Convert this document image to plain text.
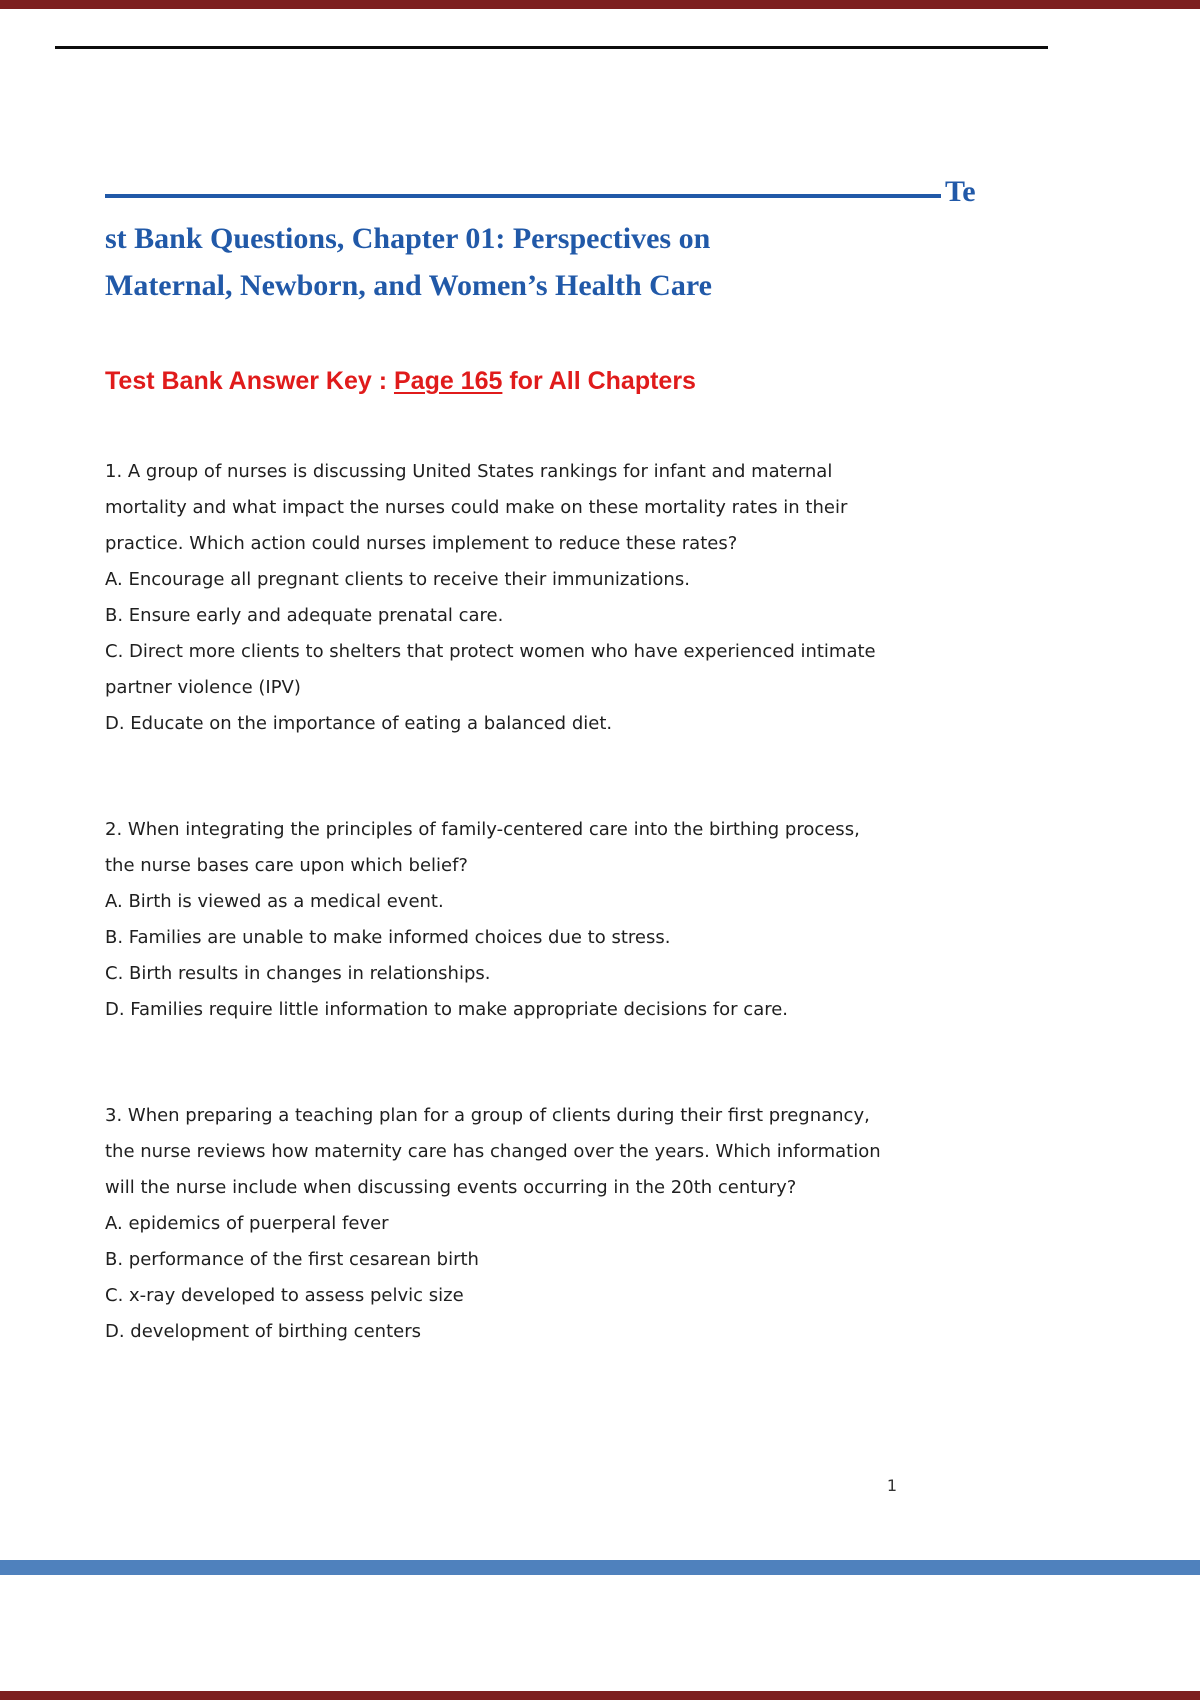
Te
st Bank Questions, Chapter 01: Perspectives on
Maternal, Newborn, and Women’s Health Care
Test Bank Answer Key : Page 165 for All Chapters
1. A group of nurses is discussing United States rankings for infant and maternal
mortality and what impact the nurses could make on these mortality rates in their
practice. Which action could nurses implement to reduce these rates?
A. Encourage all pregnant clients to receive their immunizations.
B. Ensure early and adequate prenatal care.
C. Direct more clients to shelters that protect women who have experienced intimate
partner violence (IPV)
D. Educate on the importance of eating a balanced diet.
2. When integrating the principles of family-centered care into the birthing process,
the nurse bases care upon which belief?
A. Birth is viewed as a medical event.
B. Families are unable to make informed choices due to stress.
C. Birth results in changes in relationships.
D. Families require little information to make appropriate decisions for care.
3. When preparing a teaching plan for a group of clients during their first pregnancy,
the nurse reviews how maternity care has changed over the years. Which information
will the nurse include when discussing events occurring in the 20th century?
A. epidemics of puerperal fever
B. performance of the first cesarean birth
C. x-ray developed to assess pelvic size
D. development of birthing centers
1
